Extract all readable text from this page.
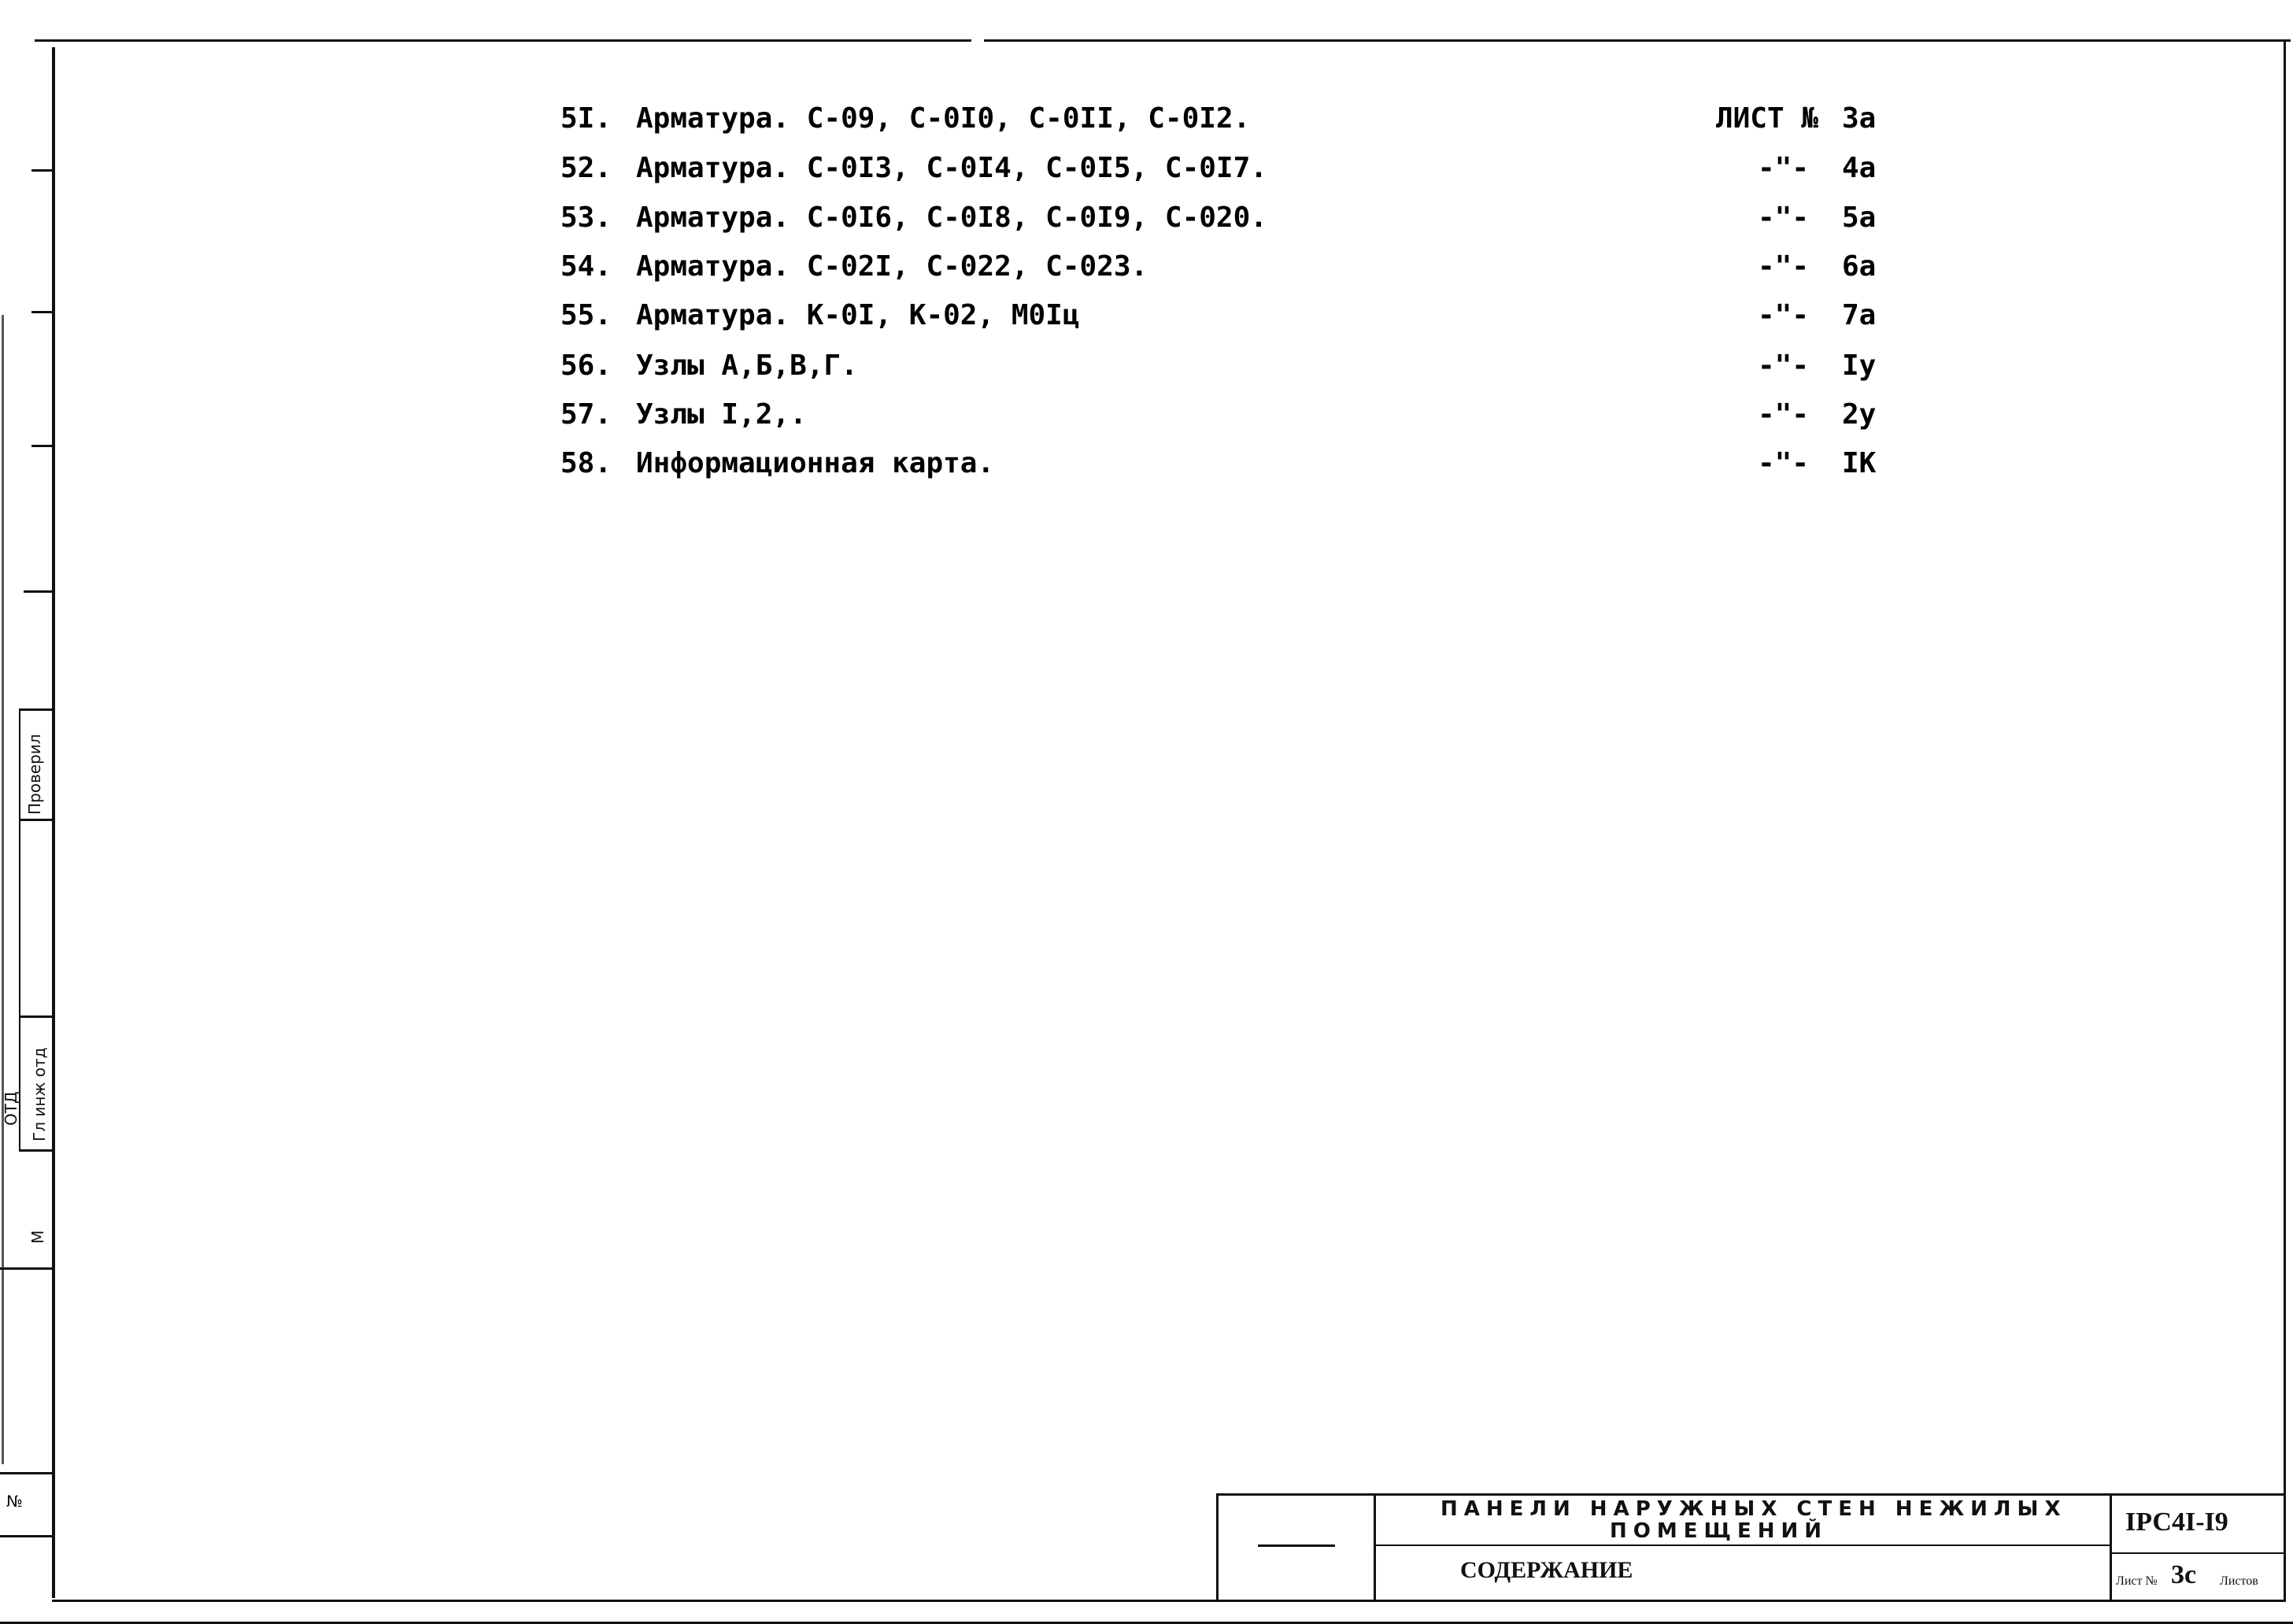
Проверил
ОТД Гл инж отд
М
№
5I. Арматура. С-09, С-0I0, С-0II, С-0I2.	ЛИСТ № 3а
52. Арматура. С-0I3, С-0I4, С-0I5, С-0I7.	-"- 4а
53. Арматура. С-0I6, С-0I8, С-0I9, С-020.	-"- 5а
54. Арматура. С-02I, С-022, С-023.	-"- 6а
55. Арматура. К-0I, К-02, М0Iц	-"- 7а
56. Узлы А,Б,В,Г.	-"- Iу
57. Узлы I,2,.	-"- 2у
58. Информационная карта.	-"- IК
ПАНЕЛИ НАРУЖНЫХ СТЕН НЕЖИЛЫХ
ПОМЕЩЕНИЙ
СОДЕРЖАНИЕ
IРС4I-I9
Лист № 3с Листов
